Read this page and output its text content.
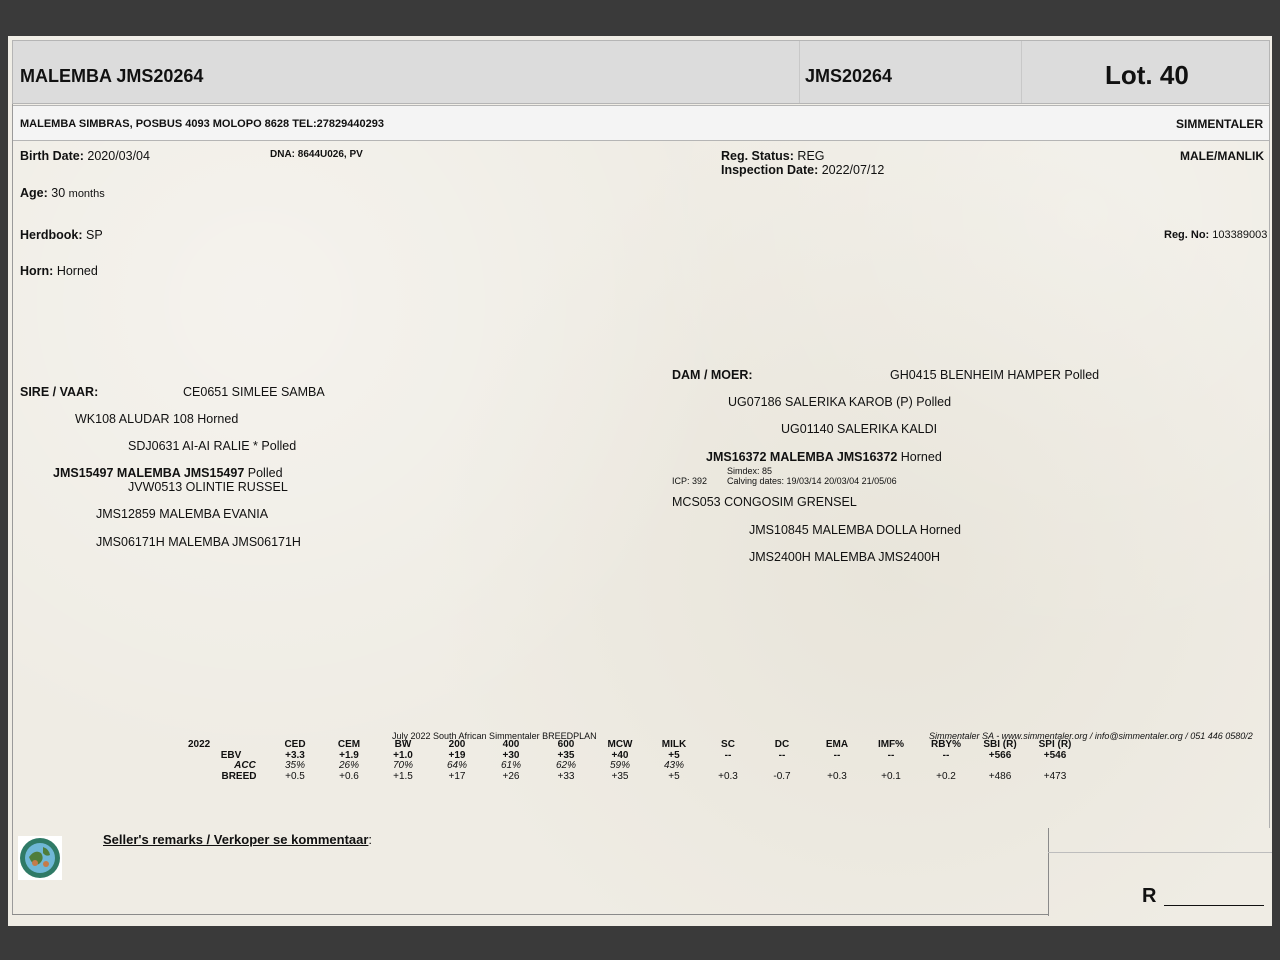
MALEMBA JMS20264	JMS20264	Lot. 40
MALEMBA SIMBRAS, POSBUS 4093 MOLOPO 8628 TEL:27829440293	SIMMENTALER
Birth Date: 2020/03/04	DNA: 8644U026, PV	Reg. Status: REG
Inspection Date: 2022/07/12
MALE/MANLIK
Age: 30 months
Herdbook: SP	Reg. No: 103389003
Horn: Horned
SIRE / VAAR:	CE0651 SIMLEE SAMBA
WK108 ALUDAR 108 Horned
SDJ0631 AI-AI RALIE * Polled
JMS15497 MALEMBA JMS15497 Polled
JVW0513 OLINTIE RUSSEL
JMS12859 MALEMBA EVANIA
JMS06171H MALEMBA JMS06171H
DAM / MOER:	GH0415 BLENHEIM HAMPER Polled
UG07186 SALERIKA KAROB (P) Polled
UG01140 SALERIKA KALDI
JMS16372 MALEMBA JMS16372 Horned
Simdex: 85
ICP: 392 Calving dates: 19/03/14 20/03/04 21/05/06
MCS053 CONGOSIM GRENSEL
JMS10845 MALEMBA DOLLA Horned
JMS2400H MALEMBA JMS2400H
July 2022 South African Simmentaler BREEDPLAN	Simmentaler SA - www.simmentaler.org / info@simmentaler.org / 051 446 0580/2
2022	CED	CEM	BW	200	400	600	MCW	MILK	SC	DC	EMA	IMF%	RBY%	SBI (R)	SPI (R)
EBV	+3.3	+1.9	+1.0	+19	+30	+35	+40	+5	--	--	--	--	--	+566	+546
ACC	35%	26%	70%	64%	61%	62%	59%	43%
BREED	+0.5	+0.6	+1.5	+17	+26	+33	+35	+5	+0.3	-0.7	+0.3	+0.1	+0.2	+486	+473
Seller's remarks / Verkoper se kommentaar:
R
